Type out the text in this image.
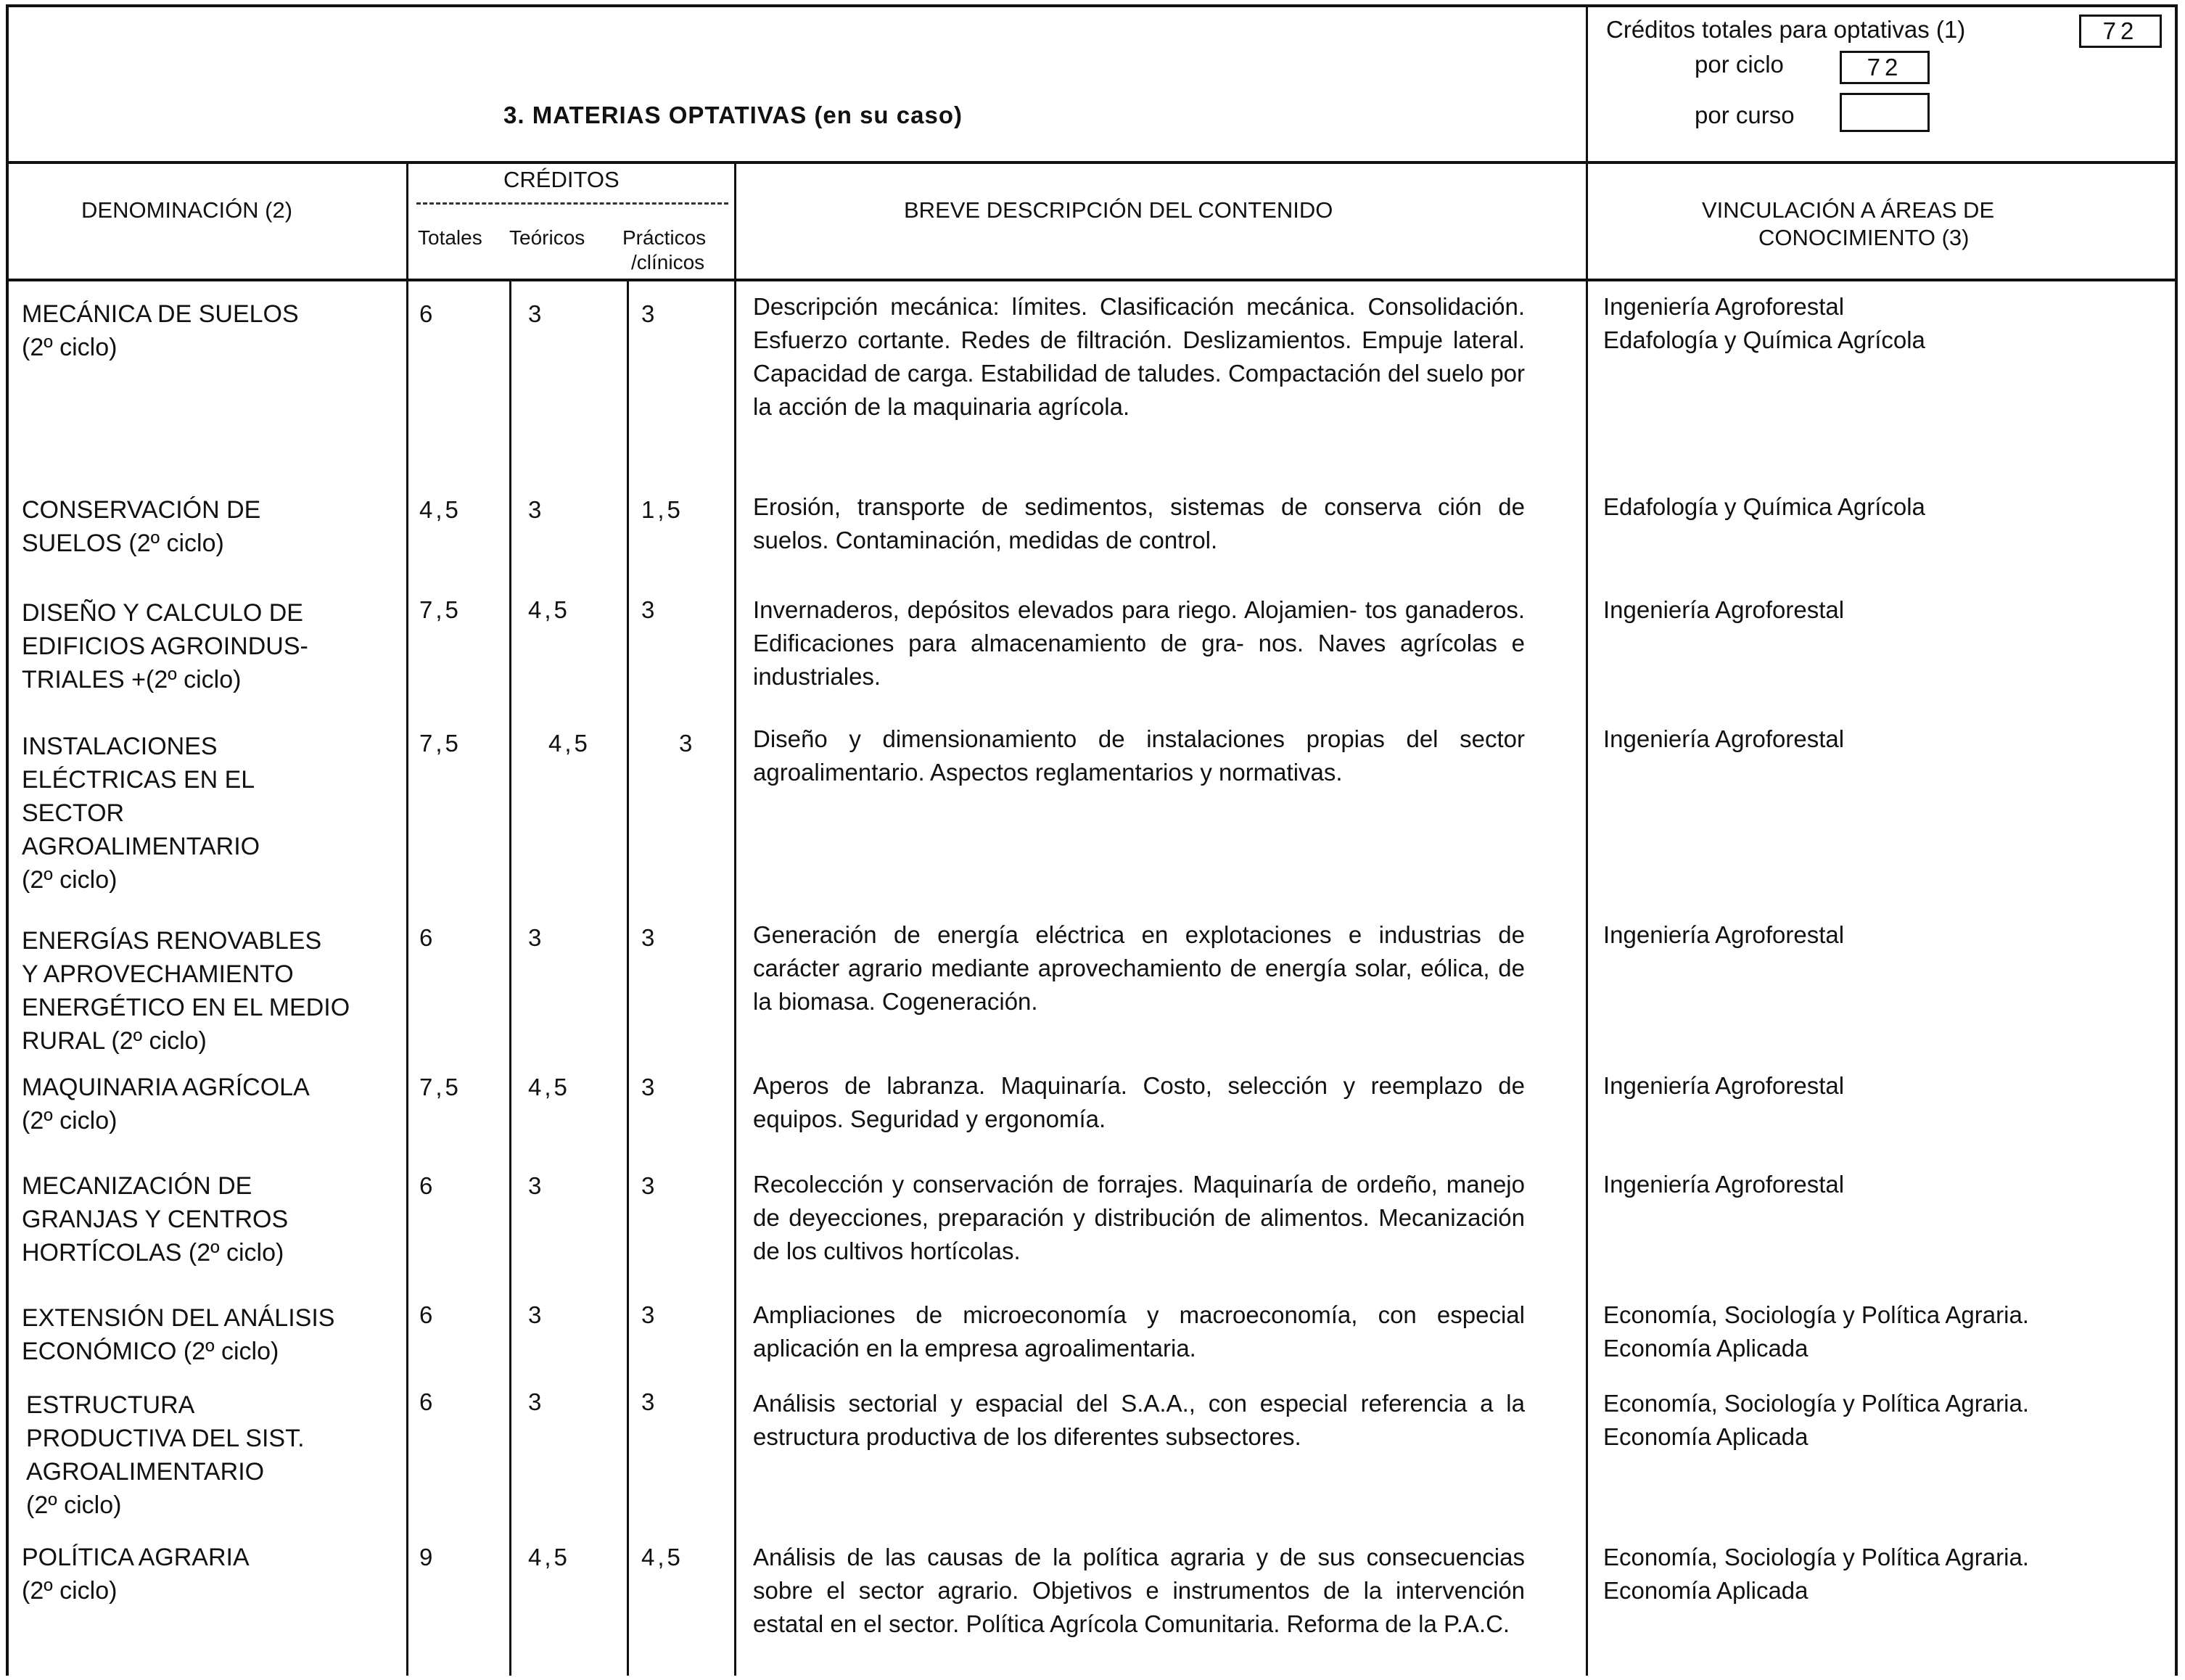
3. MATERIAS OPTATIVAS (en su caso)
Créditos totales para optativas (1)	72
por ciclo	72
por curso
DENOMINACIÓN (2)
CRÉDITOS
Totales Teóricos Prácticos
/clínicos
BREVE DESCRIPCIÓN DEL CONTENIDO	VINCULACIÓN A ÁREAS DE
CONOCIMIENTO (3)
MECÁNICA DE SUELOS
(2º ciclo)
6	3	3	Descripción mecánica: límites. Clasificación mecánica. Consolidación. Esfuerzo cortante. Redes de filtración. Deslizamientos. Empuje lateral. Capacidad de carga. Estabilidad de taludes. Compactación del suelo por la acción de la maquinaria agrícola.
Ingeniería Agroforestal
Edafología y Química Agrícola
CONSERVACIÓN DE
SUELOS (2º ciclo)
4,5	3	1,5	Erosión, transporte de sedimentos, sistemas de conserva ción de suelos. Contaminación, medidas de control.
Edafología y Química Agrícola
DISEÑO Y CALCULO DE
EDIFICIOS AGROINDUS-
TRIALES +(2º ciclo)
7,5	4,5	3	Invernaderos, depósitos elevados para riego. Alojamien- tos ganaderos. Edificaciones para almacenamiento de gra- nos. Naves agrícolas e industriales.
Ingeniería Agroforestal
INSTALACIONES
ELÉCTRICAS EN EL
SECTOR
AGROALIMENTARIO
(2º ciclo)
7,5	4,5	3 Diseño y dimensionamiento de instalaciones propias del sector agroalimentario. Aspectos reglamentarios y normativas.
Ingeniería Agroforestal
ENERGÍAS RENOVABLES
Y APROVECHAMIENTO
ENERGÉTICO EN EL MEDIO
RURAL (2º ciclo)
6	3	3	Generación de energía eléctrica en explotaciones e industrias de carácter agrario mediante aprovechamiento de energía solar, eólica, de la biomasa. Cogeneración.
Ingeniería Agroforestal
MAQUINARIA AGRÍCOLA
(2º ciclo)
7,5	4,5	3	Aperos de labranza. Maquinaría. Costo, selección y reemplazo de equipos. Seguridad y ergonomía.
Ingeniería Agroforestal
MECANIZACIÓN DE
GRANJAS Y CENTROS
HORTÍCOLAS (2º ciclo)
6	3	3	Recolección y conservación de forrajes. Maquinaría de ordeño, manejo de deyecciones, preparación y distribución de alimentos. Mecanización de los cultivos hortícolas.
Ingeniería Agroforestal
EXTENSIÓN DEL ANÁLISIS
ECONÓMICO (2º ciclo)
6	3	3	Ampliaciones de microeconomía y macroeconomía, con especial aplicación en la empresa agroalimentaria.
Economía, Sociología y Política Agraria.
Economía Aplicada
ESTRUCTURA
PRODUCTIVA DEL SIST.
AGROALIMENTARIO
(2º ciclo)
6	3	3	Análisis sectorial y espacial del S.A.A., con especial referencia a la estructura productiva de los diferentes subsectores.
Economía, Sociología y Política Agraria.
Economía Aplicada
POLÍTICA AGRARIA
(2º ciclo)
9	4,5	4,5	Análisis de las causas de la política agraria y de sus consecuencias sobre el sector agrario. Objetivos e instrumentos de la intervención estatal en el sector. Política Agrícola Comunitaria. Reforma de la P.A.C.
Economía, Sociología y Política Agraria.
Economía Aplicada
